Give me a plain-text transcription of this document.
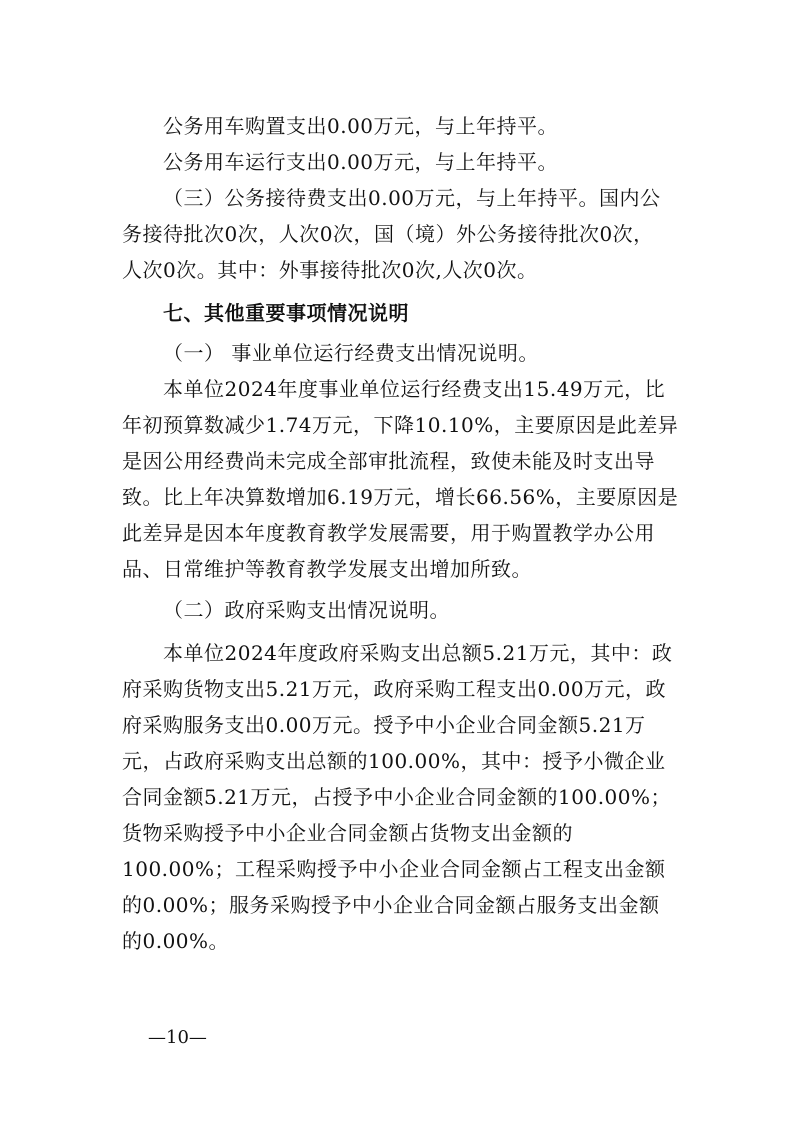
公务用车购置支出0.00万元，与上年持平。
公务用车运行支出0.00万元，与上年持平。
（三）公务接待费支出0.00万元，与上年持平。国内公
务接待批次0次，人次0次，国（境）外公务接待批次0次，
人次0次。其中：外事接待批次0次,人次0次。
七、其他重要事项情况说明
（一） 事业单位运行经费支出情况说明。
本单位2024年度事业单位运行经费支出15.49万元，比
年初预算数减少1.74万元，下降10.10%，主要原因是此差异
是因公用经费尚未完成全部审批流程，致使未能及时支出导
致。比上年决算数增加6.19万元，增长66.56%，主要原因是
此差异是因本年度教育教学发展需要，用于购置教学办公用
品、日常维护等教育教学发展支出增加所致。
（二）政府采购支出情况说明。
本单位2024年度政府采购支出总额5.21万元，其中：政
府采购货物支出5.21万元，政府采购工程支出0.00万元，政
府采购服务支出0.00万元。授予中小企业合同金额5.21万
元，占政府采购支出总额的100.00%，其中：授予小微企业
合同金额5.21万元，占授予中小企业合同金额的100.00%；
货物采购授予中小企业合同金额占货物支出金额的
100.00%；工程采购授予中小企业合同金额占工程支出金额
的0.00%；服务采购授予中小企业合同金额占服务支出金额
的0.00%。
—10—
